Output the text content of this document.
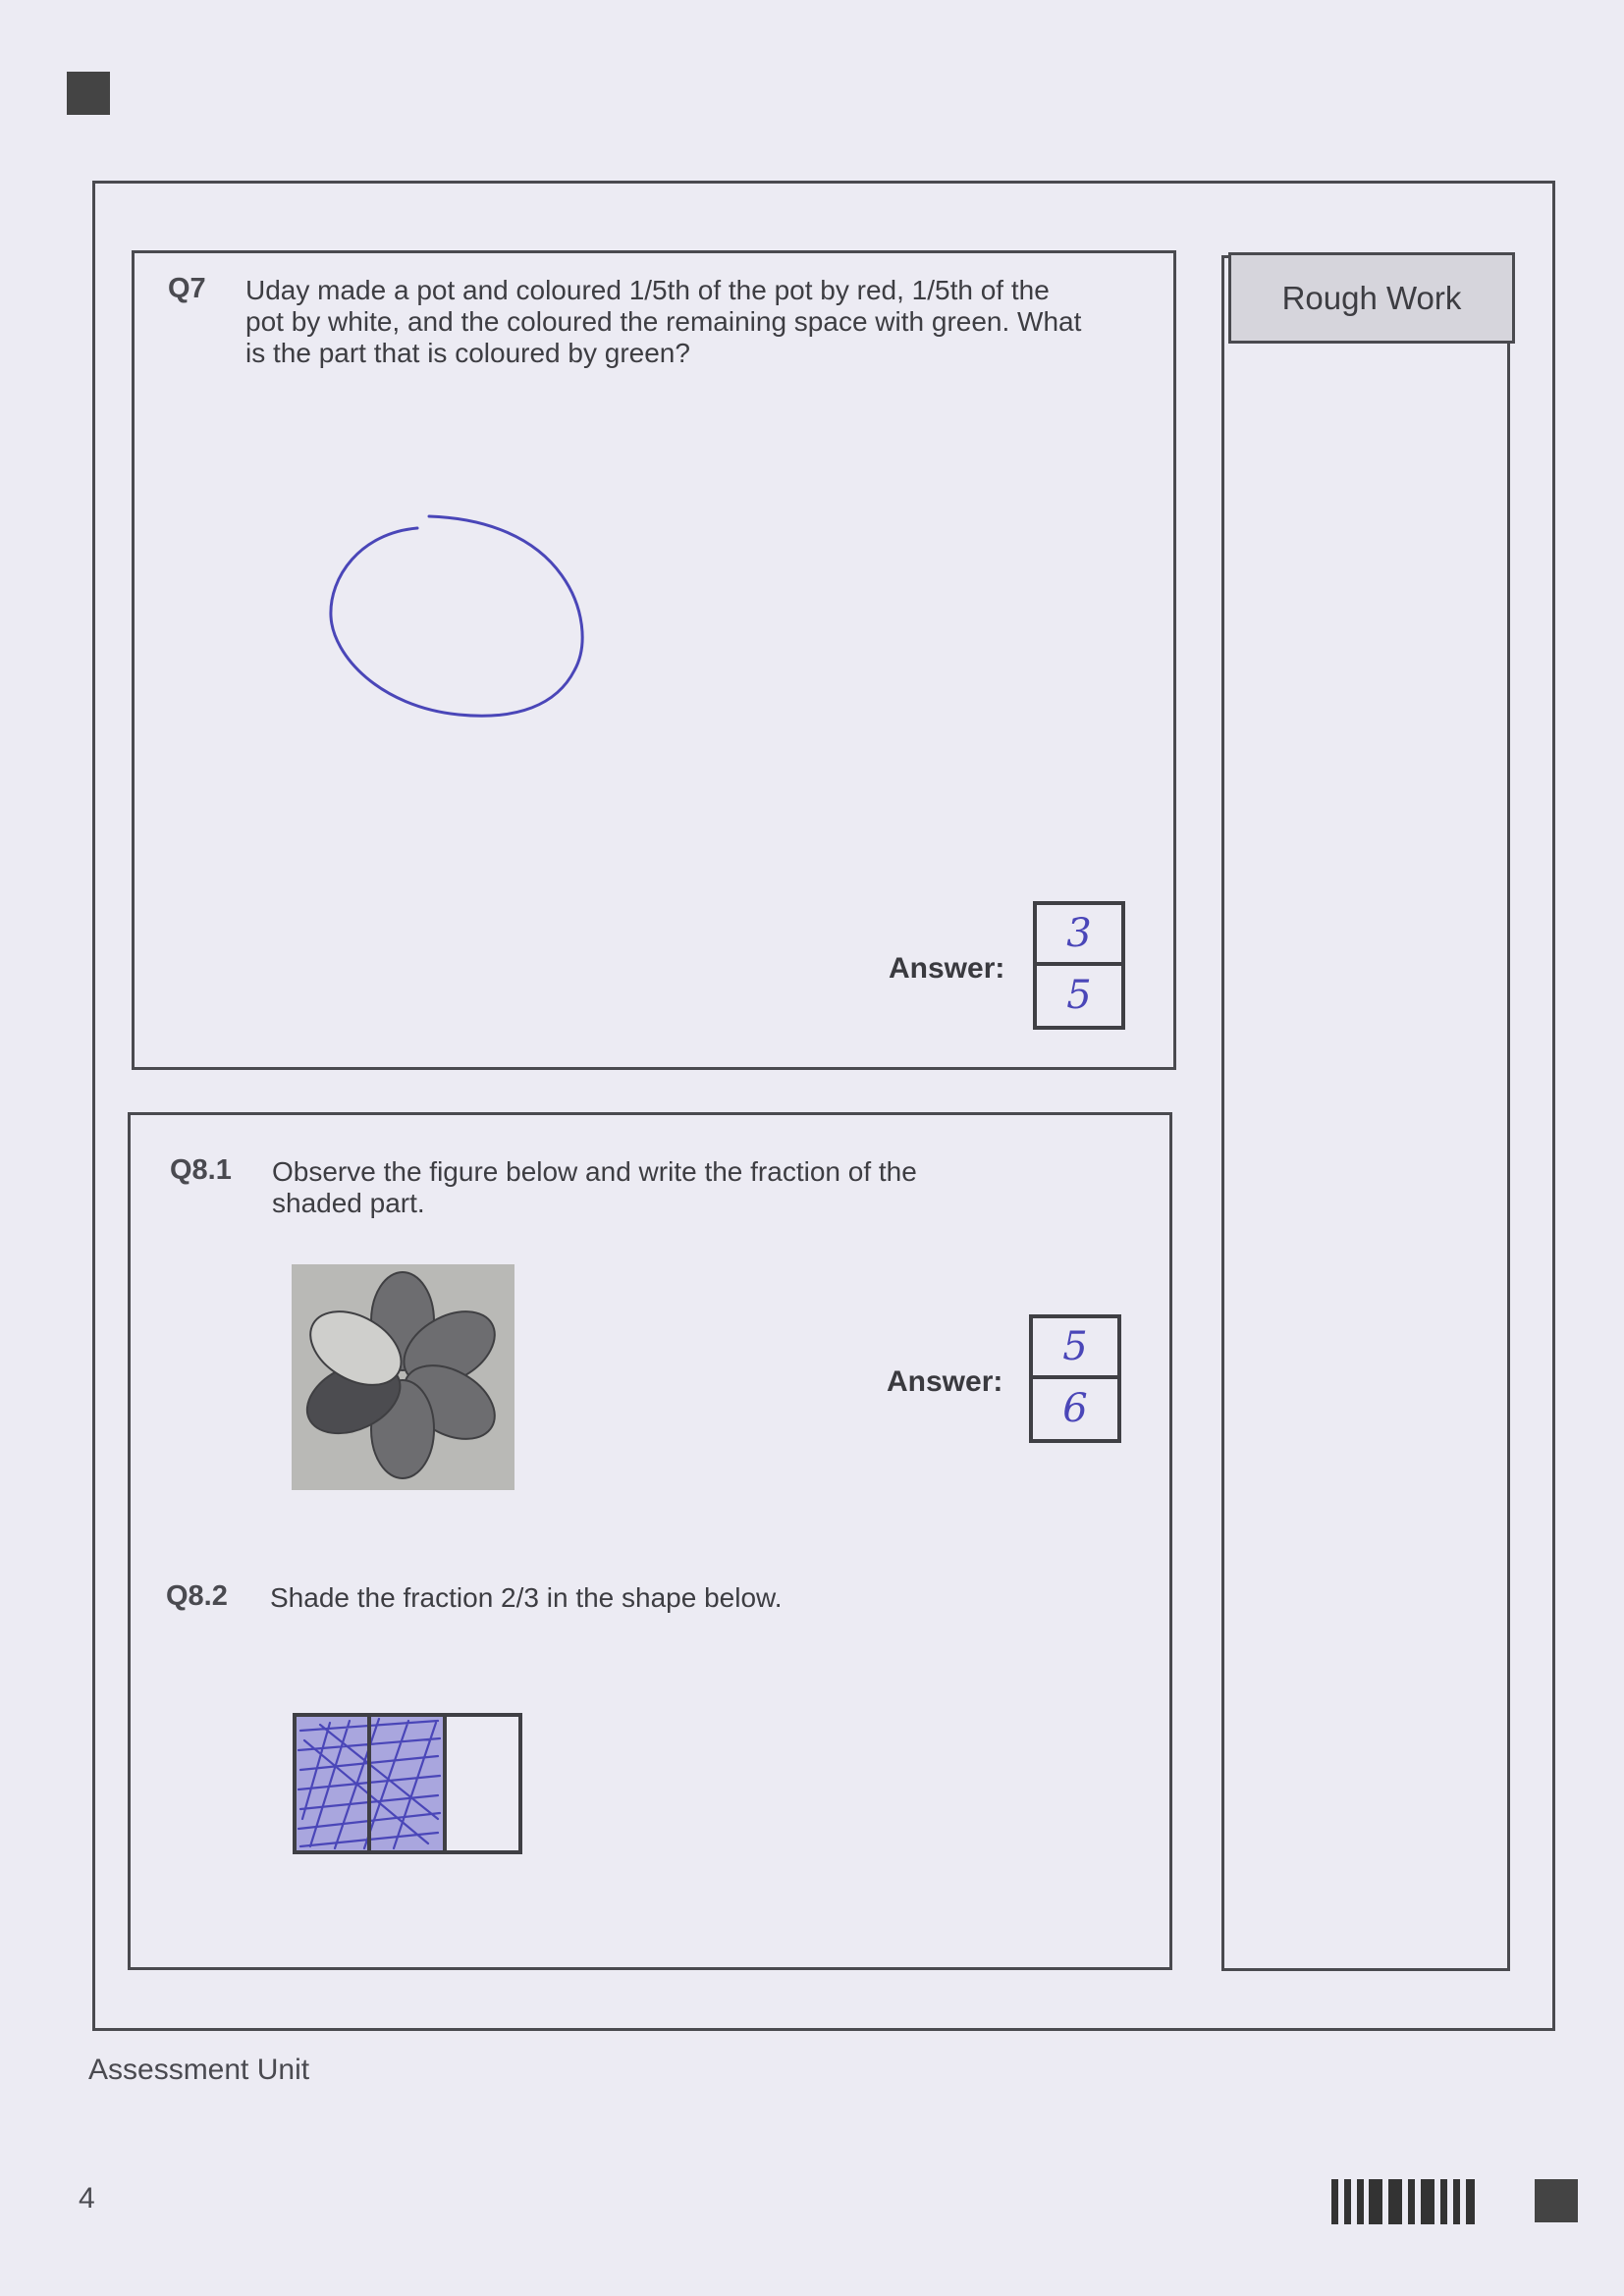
Q7 Uday made a pot and coloured 1/5th of the pot by red, 1/5th of the
pot by white, and the coloured the remaining space with green. What
is the part that is coloured by green?
Answer: $\frac{3}{5}$
Q8.1 Observe the figure below and write the fraction of the
shaded part.
Answer: $\frac{5}{6}$
Q8.2 Shade the fraction 2/3 in the shape below.
Rough Work
Assessment Unit
4
